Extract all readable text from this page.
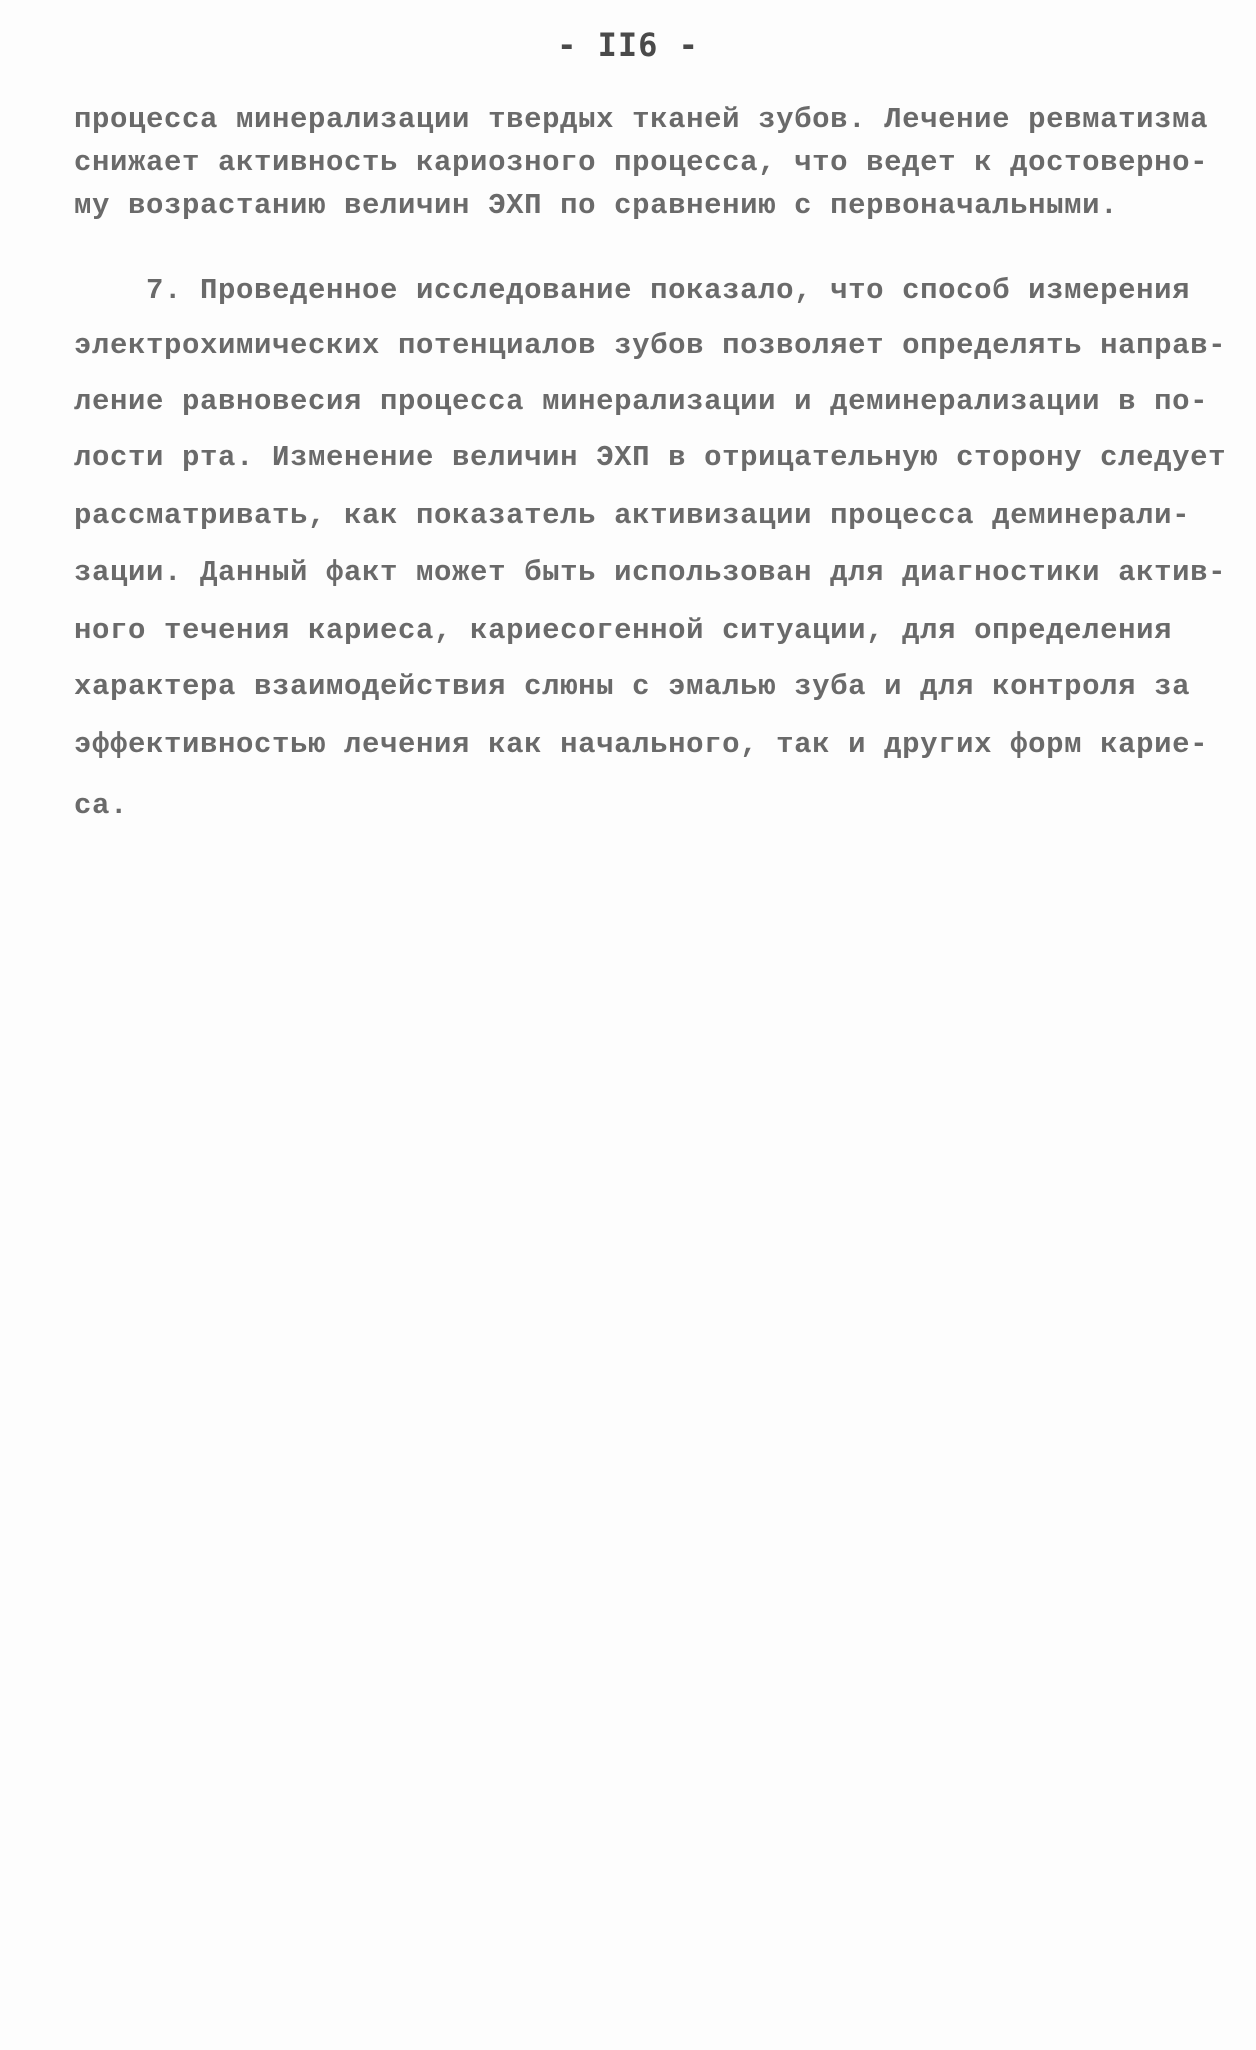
- II6 -
процесса минерализации твердых тканей зубов. Лечение ревматизма
снижает активность кариозного процесса, что ведет к достоверно-
му возрастанию величин ЭХП по сравнению с первоначальными.
7. Проведенное исследование показало, что способ измерения
электрохимических потенциалов зубов позволяет определять направ-
ление равновесия процесса минерализации и деминерализации в по-
лости рта. Изменение величин ЭХП в отрицательную сторону следует
рассматривать, как показатель активизации процесса деминерали-
зации. Данный факт может быть использован для диагностики актив-
ного течения кариеса, кариесогенной ситуации, для определения
характера взаимодействия слюны с эмалью зуба и для контроля за
эффективностью лечения как начального, так и других форм карие-
са.
